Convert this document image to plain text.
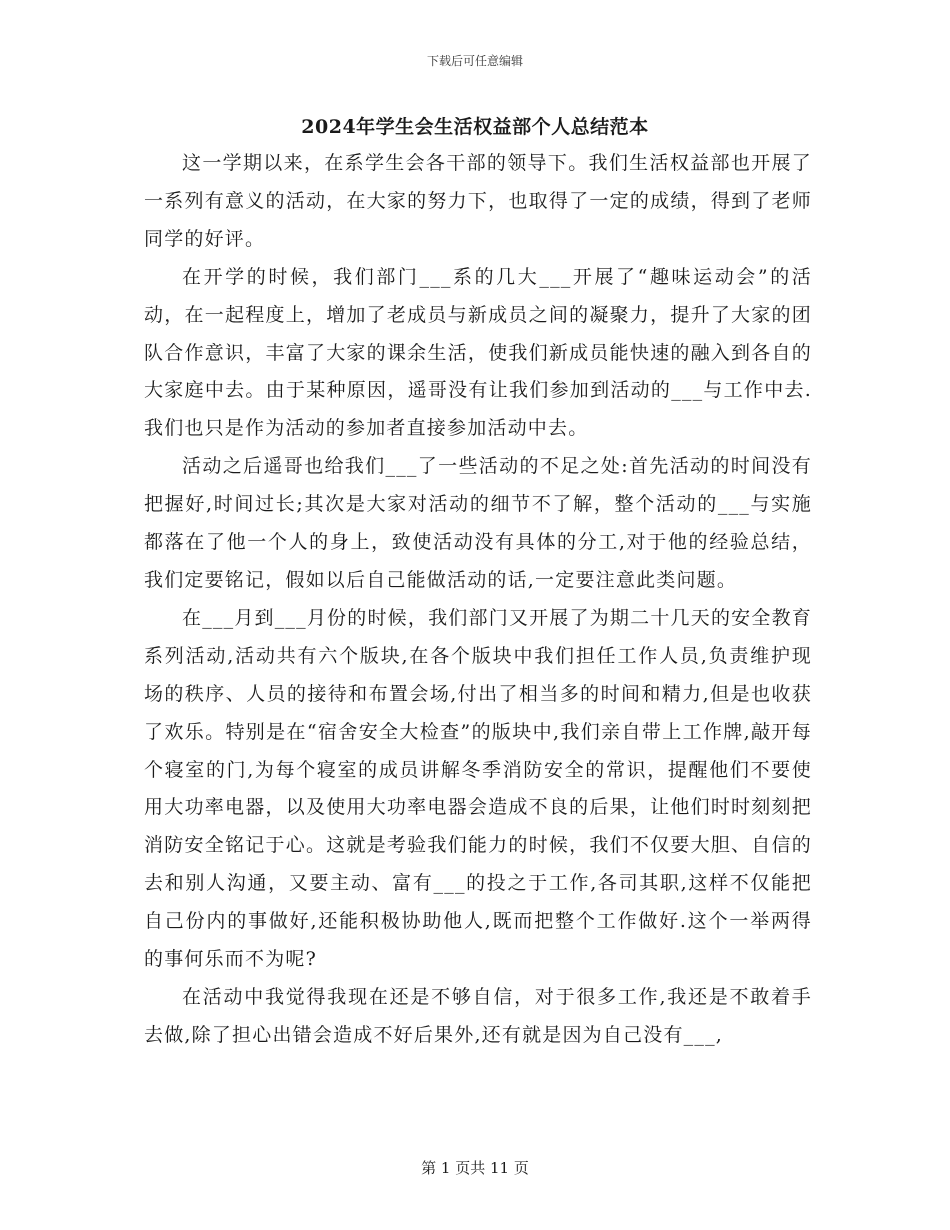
下载后可任意编辑
2024年学生会生活权益部个人总结范本

这一学期以来，在系学生会各干部的领导下。我们生活权益部也开展了一系列有意义的活动，在大家的努力下，也取得了一定的成绩，得到了老师同学的好评。

在开学的时候，我们部门___系的几大___开展了“趣味运动会”的活动，在一起程度上，增加了老成员与新成员之间的凝聚力，提升了大家的团队合作意识，丰富了大家的课余生活，使我们新成员能快速的融入到各自的大家庭中去。由于某种原因，遥哥没有让我们参加到活动的___与工作中去.我们也只是作为活动的参加者直接参加活动中去。

活动之后遥哥也给我们___了一些活动的不足之处:首先活动的时间没有把握好,时间过长;其次是大家对活动的细节不了解，整个活动的___与实施都落在了他一个人的身上，致使活动没有具体的分工,对于他的经验总结，我们定要铭记，假如以后自己能做活动的话,一定要注意此类问题。

在___月到___月份的时候，我们部门又开展了为期二十几天的安全教育系列活动,活动共有六个版块,在各个版块中我们担任工作人员,负责维护现场的秩序、人员的接待和布置会场,付出了相当多的时间和精力,但是也收获了欢乐。特别是在“宿舍安全大检查”的版块中,我们亲自带上工作牌,敲开每个寝室的门,为每个寝室的成员讲解冬季消防安全的常识，提醒他们不要使用大功率电器，以及使用大功率电器会造成不良的后果，让他们时时刻刻把消防安全铭记于心。这就是考验我们能力的时候，我们不仅要大胆、自信的去和别人沟通，又要主动、富有___的投之于工作,各司其职,这样不仅能把自己份内的事做好,还能积极协助他人,既而把整个工作做好.这个一举两得的事何乐而不为呢?

在活动中我觉得我现在还是不够自信，对于很多工作,我还是不敢着手去做,除了担心出错会造成不好后果外,还有就是因为自己没有___,

第 1 页共 11 页
